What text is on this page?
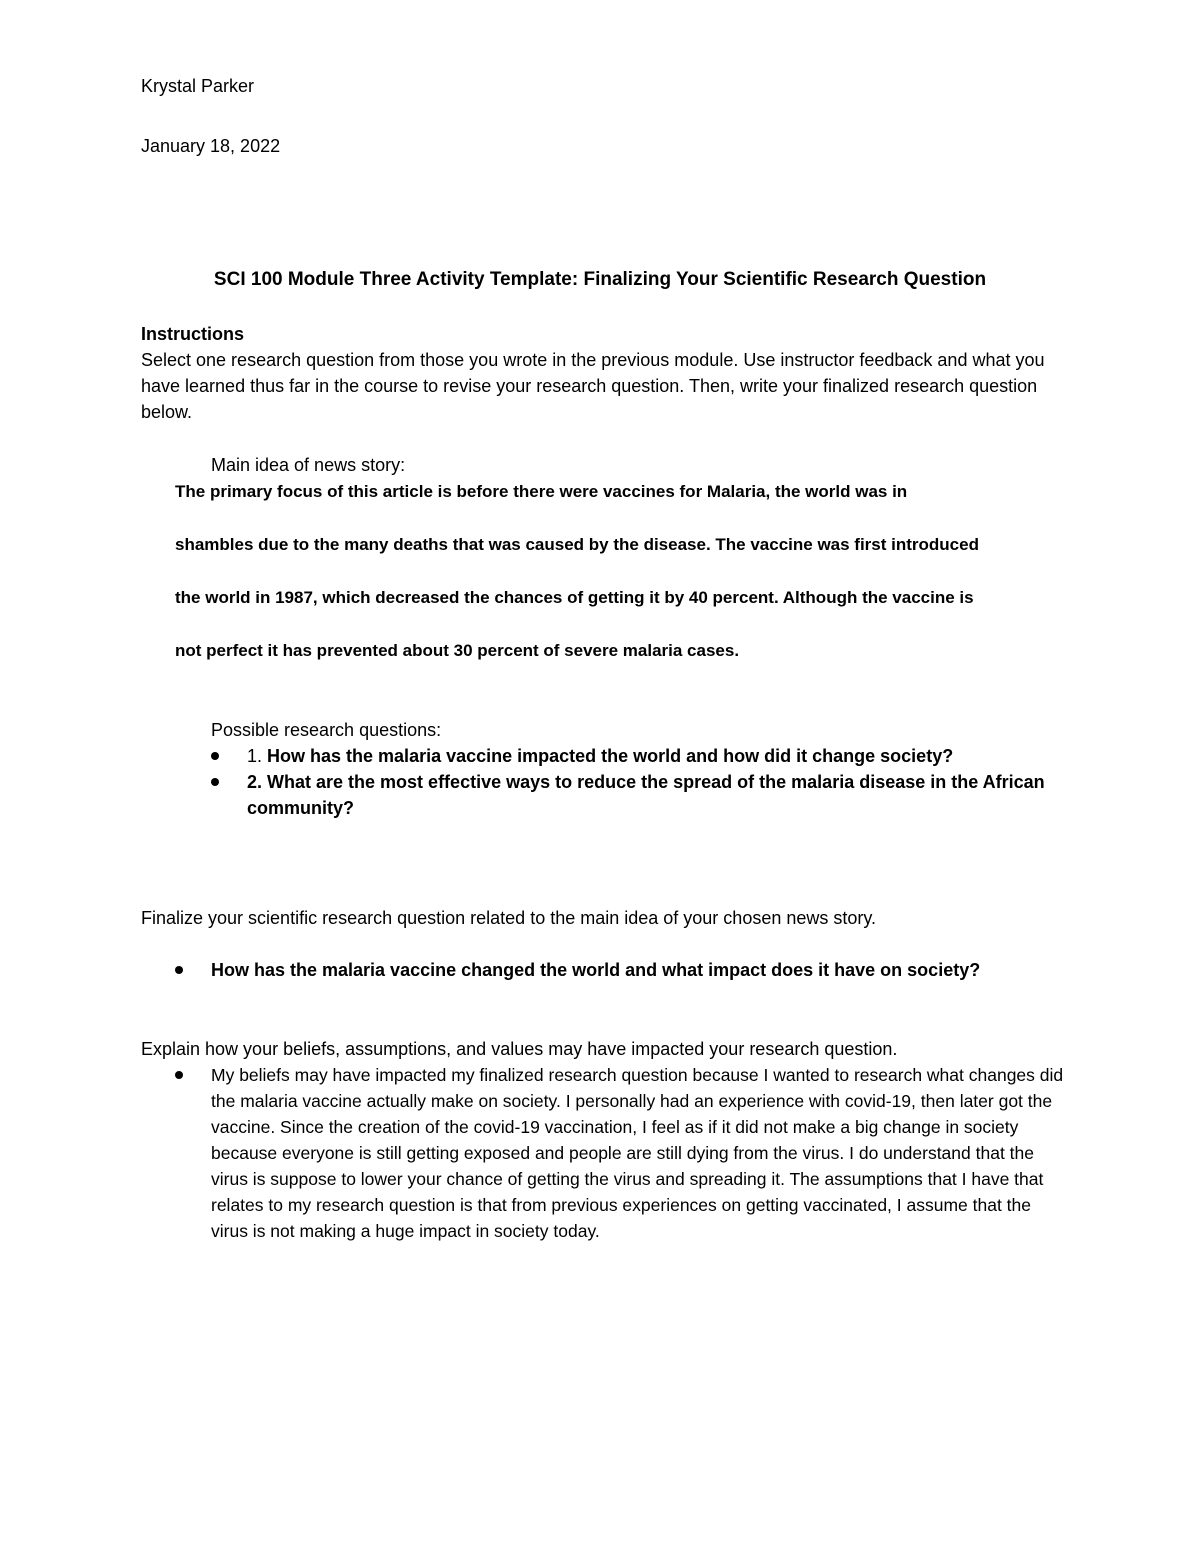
Krystal Parker
January 18, 2022
SCI 100 Module Three Activity Template: Finalizing Your Scientific Research Question
Instructions
Select one research question from those you wrote in the previous module. Use instructor feedback and what you have learned thus far in the course to revise your research question. Then, write your finalized research question below.
Main idea of news story:
The primary focus of this article is before there were vaccines for Malaria, the world was in
shambles due to the many deaths that was caused by the disease. The vaccine was first introduced
the world in 1987, which decreased the chances of getting it by 40 percent. Although the vaccine is
not perfect it has prevented about 30 percent of severe malaria cases.
Possible research questions:
1. How has the malaria vaccine impacted the world and how did it change society?
2. What are the most effective ways to reduce the spread of the malaria disease in the African community?
Finalize your scientific research question related to the main idea of your chosen news story.
How has the malaria vaccine changed the world and what impact does it have on society?
Explain how your beliefs, assumptions, and values may have impacted your research question.
My beliefs may have impacted my finalized research question because I wanted to research what changes did the malaria vaccine actually make on society. I personally had an experience with covid-19, then later got the vaccine. Since the creation of the covid-19 vaccination, I feel as if it did not make a big change in society because everyone is still getting exposed and people are still dying from the virus. I do understand that the virus is suppose to lower your chance of getting the virus and spreading it. The assumptions that I have that relates to my research question is that from previous experiences on getting vaccinated, I assume that the virus is not making a huge impact in society today.
